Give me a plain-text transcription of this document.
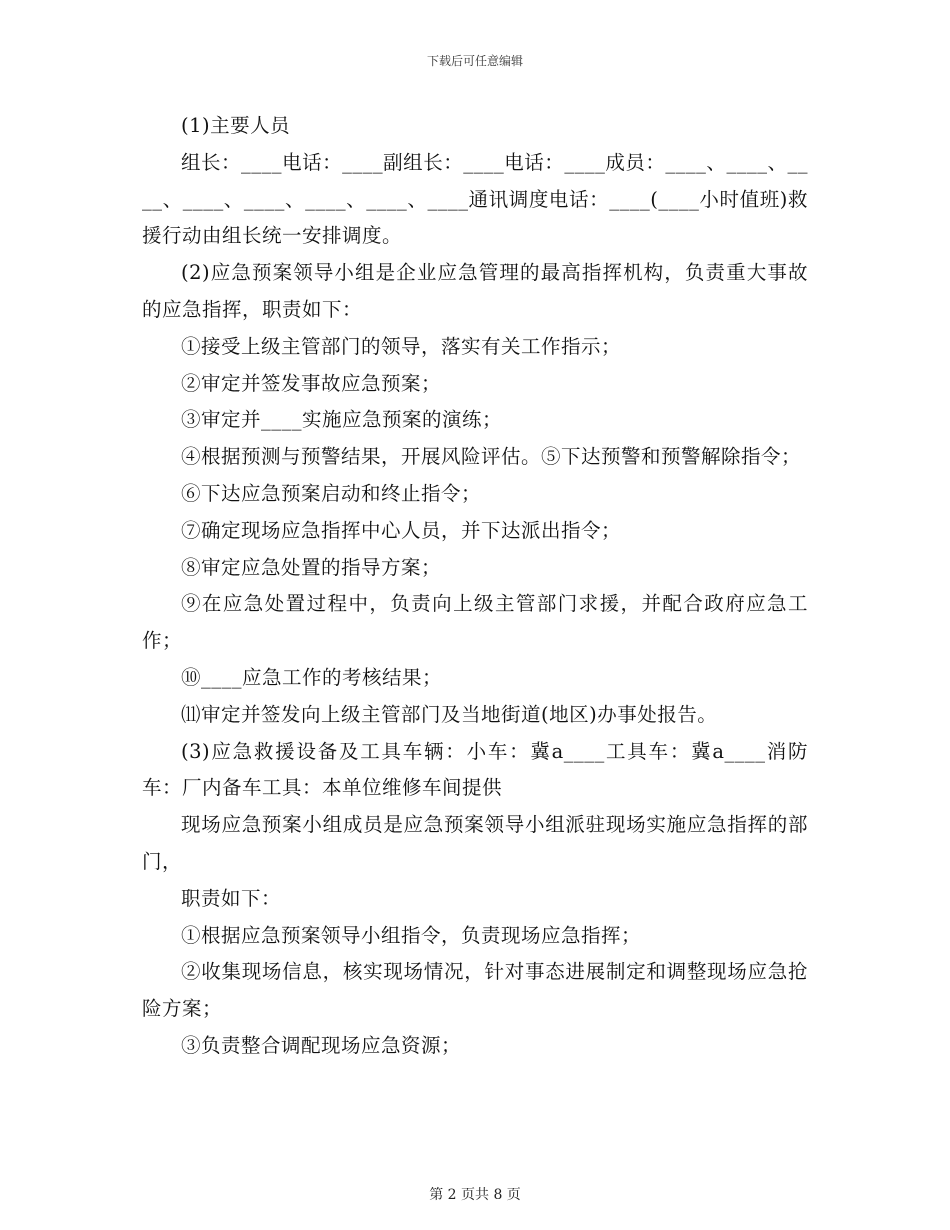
下载后可任意编辑

(1)主要人员

组长：____电话：____副组长：____电话：____成员：____、____、____、____、____、____、____、____通讯调度电话：____(____小时值班)救援行动由组长统一安排调度。

(2)应急预案领导小组是企业应急管理的最高指挥机构，负责重大事故的应急指挥，职责如下：

①接受上级主管部门的领导，落实有关工作指示；

②审定并签发事故应急预案；

③审定并____实施应急预案的演练；

④根据预测与预警结果，开展风险评估。⑤下达预警和预警解除指令；

⑥下达应急预案启动和终止指令；

⑦确定现场应急指挥中心人员，并下达派出指令；

⑧审定应急处置的指导方案；

⑨在应急处置过程中，负责向上级主管部门求援，并配合政府应急工作；

⑩____应急工作的考核结果；

⑾审定并签发向上级主管部门及当地街道(地区)办事处报告。

(3)应急救援设备及工具车辆：小车：冀a____工具车：冀a____消防车：厂内备车工具：本单位维修车间提供

现场应急预案小组成员是应急预案领导小组派驻现场实施应急指挥的部门，

职责如下：

①根据应急预案领导小组指令，负责现场应急指挥；

②收集现场信息，核实现场情况，针对事态进展制定和调整现场应急抢险方案；

③负责整合调配现场应急资源；

第 2 页共 8 页
